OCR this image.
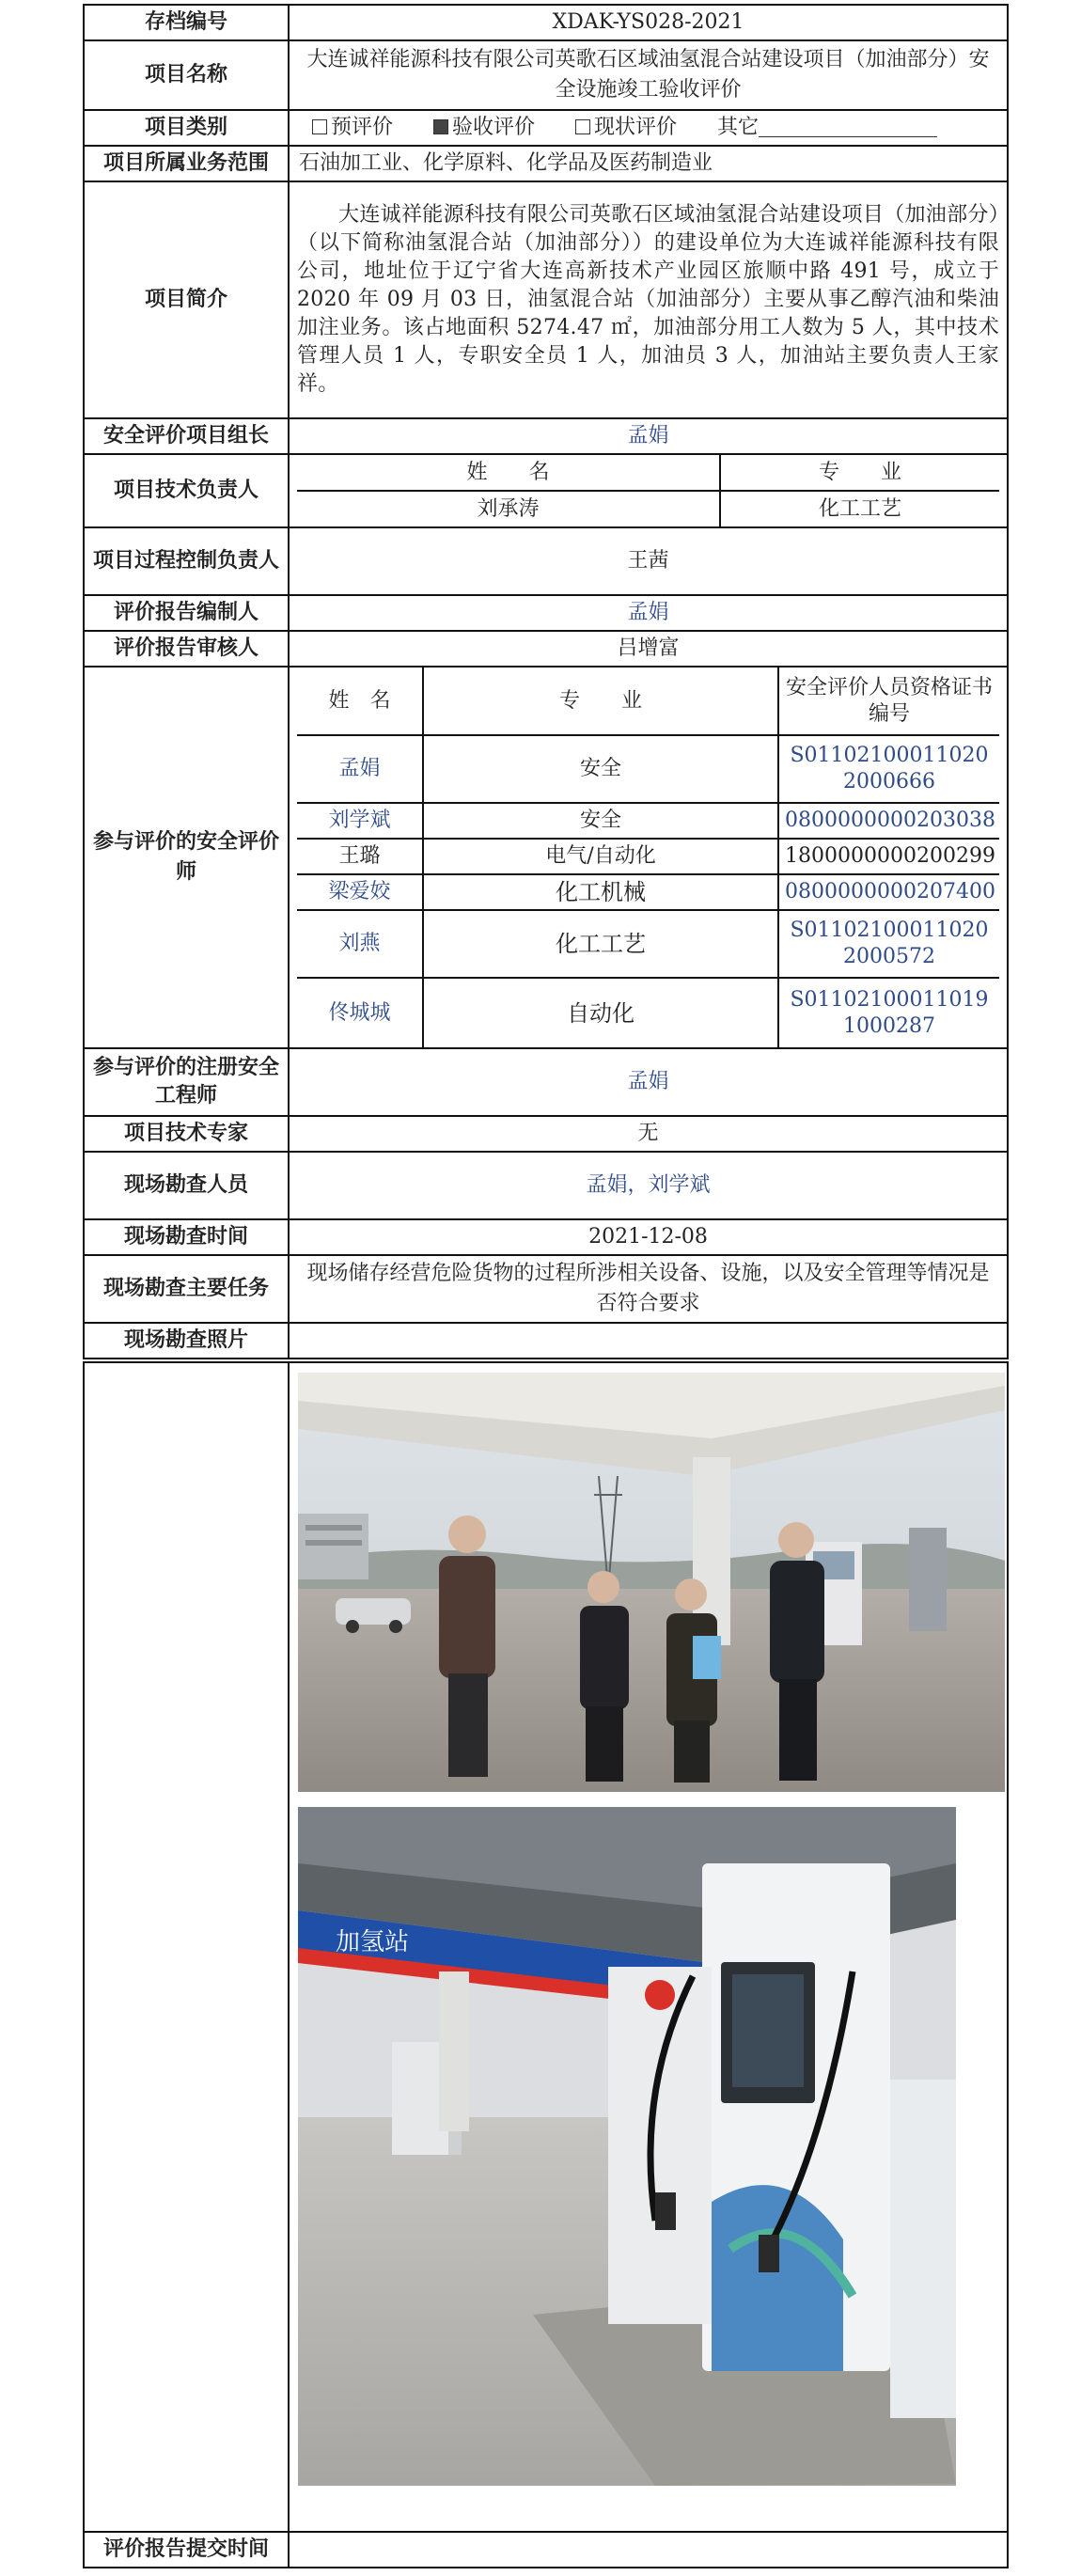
存档编号	XDAK-YS028-2021
项目名称	大连诚祥能源科技有限公司英歌石区域油氢混合站建设项目（加油部分）安全设施竣工验收评价
项目类别	预评价	验收评价	现状评价 其它
项目所属业务范围	石油加工业、化学原料、化学品及医药制造业
项目简介	大连诚祥能源科技有限公司英歌石区域油氢混合站建设项目（加油部分）（以下简称油氢混合站（加油部分））的建设单位为大连诚祥能源科技有限公司，地址位于辽宁省大连高新技术产业园区旅顺中路 491 号，成立于 2020 年 09 月 03 日，油氢混合站（加油部分）主要从事乙醇汽油和柴油加注业务。该占地面积 5274.47 ㎡，加油部分用工人数为 5 人，其中技术管理人员 1 人，专职安全员 1 人，加油员 3 人，加油站主要负责人王家祥。
安全评价项目组长	孟娟
项目技术负责人	
姓　　名	专　　业
刘承涛	化工工艺

项目过程控制负责人	王茜
评价报告编制人	孟娟
评价报告审核人	吕增富
参与评价的安全评价师	
姓　名	专　　业	安全评价人员资格证书编号
孟娟	安全	S011021000110202000666
刘学斌	安全	0800000000203038
王璐	电气/自动化	1800000000200299
梁爱姣	化工机械	0800000000207400
刘燕	化工工艺	S011021000110202000572
佟城城	自动化	S011021000110191000287

参与评价的注册安全工程师	孟娟
项目技术专家	无
现场勘查人员	孟娟，刘学斌
现场勘查时间	2021-12-08
现场勘查主要任务	现场储存经营危险货物的过程所涉相关设备、设施，以及安全管理等情况是否符合要求
现场勘查照片	

评价报告提交时间	
加氢站
